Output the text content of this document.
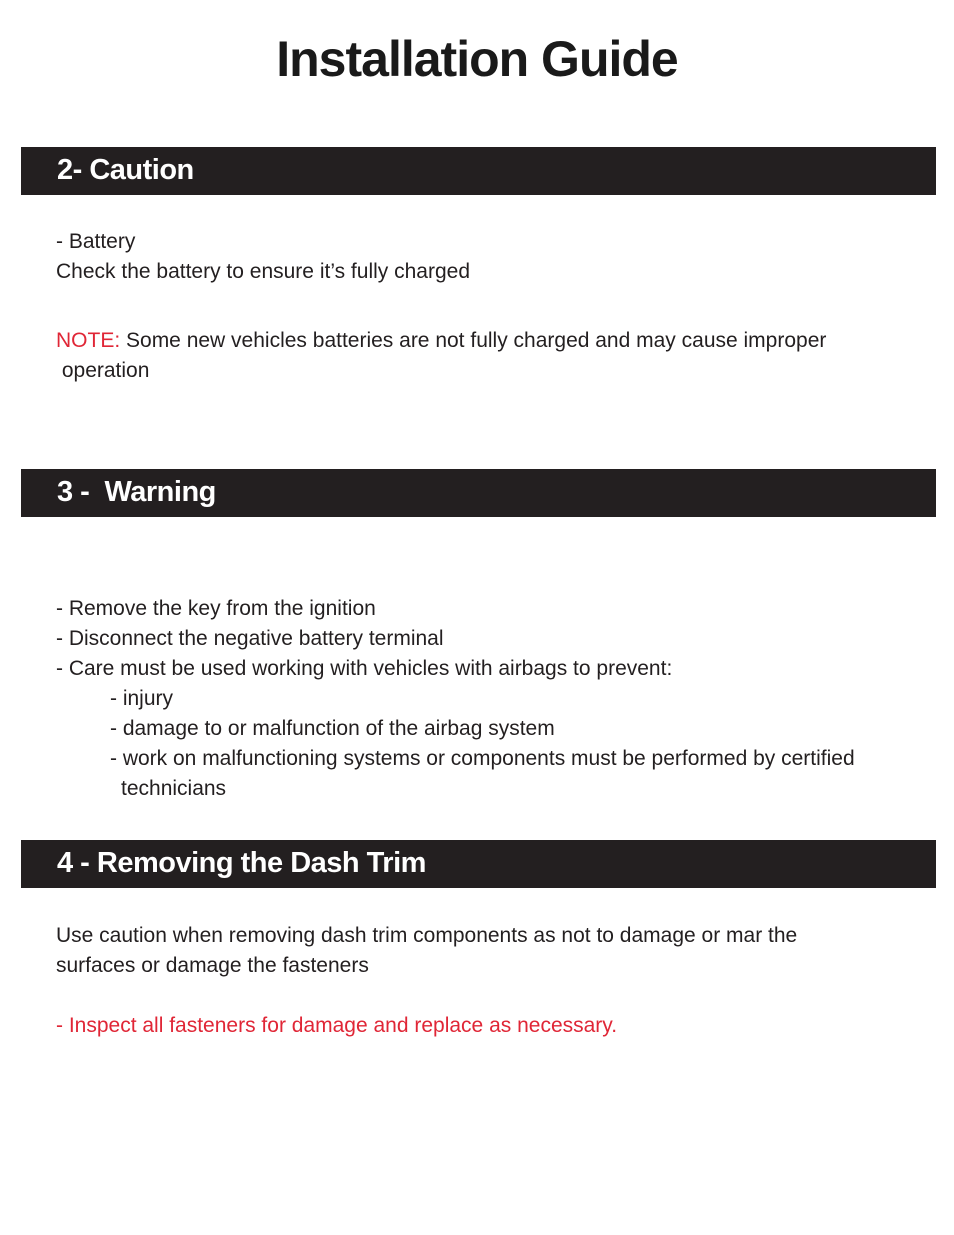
Installation Guide
2- Caution

- Battery

Check the battery to ensure it’s fully charged

NOTE: Some new vehicles batteries are not fully charged and may cause improper

operation

3 -  Warning

- Remove the key from the ignition

- Disconnect the negative battery terminal

- Care must be used working with vehicles with airbags to prevent:

- injury

- damage to or malfunction of the airbag system

- work on malfunctioning systems or components must be performed by certified

technicians

4 - Removing the Dash Trim

Use caution when removing dash trim components as not to damage or mar the

surfaces or damage the fasteners

- Inspect all fasteners for damage and replace as necessary.
